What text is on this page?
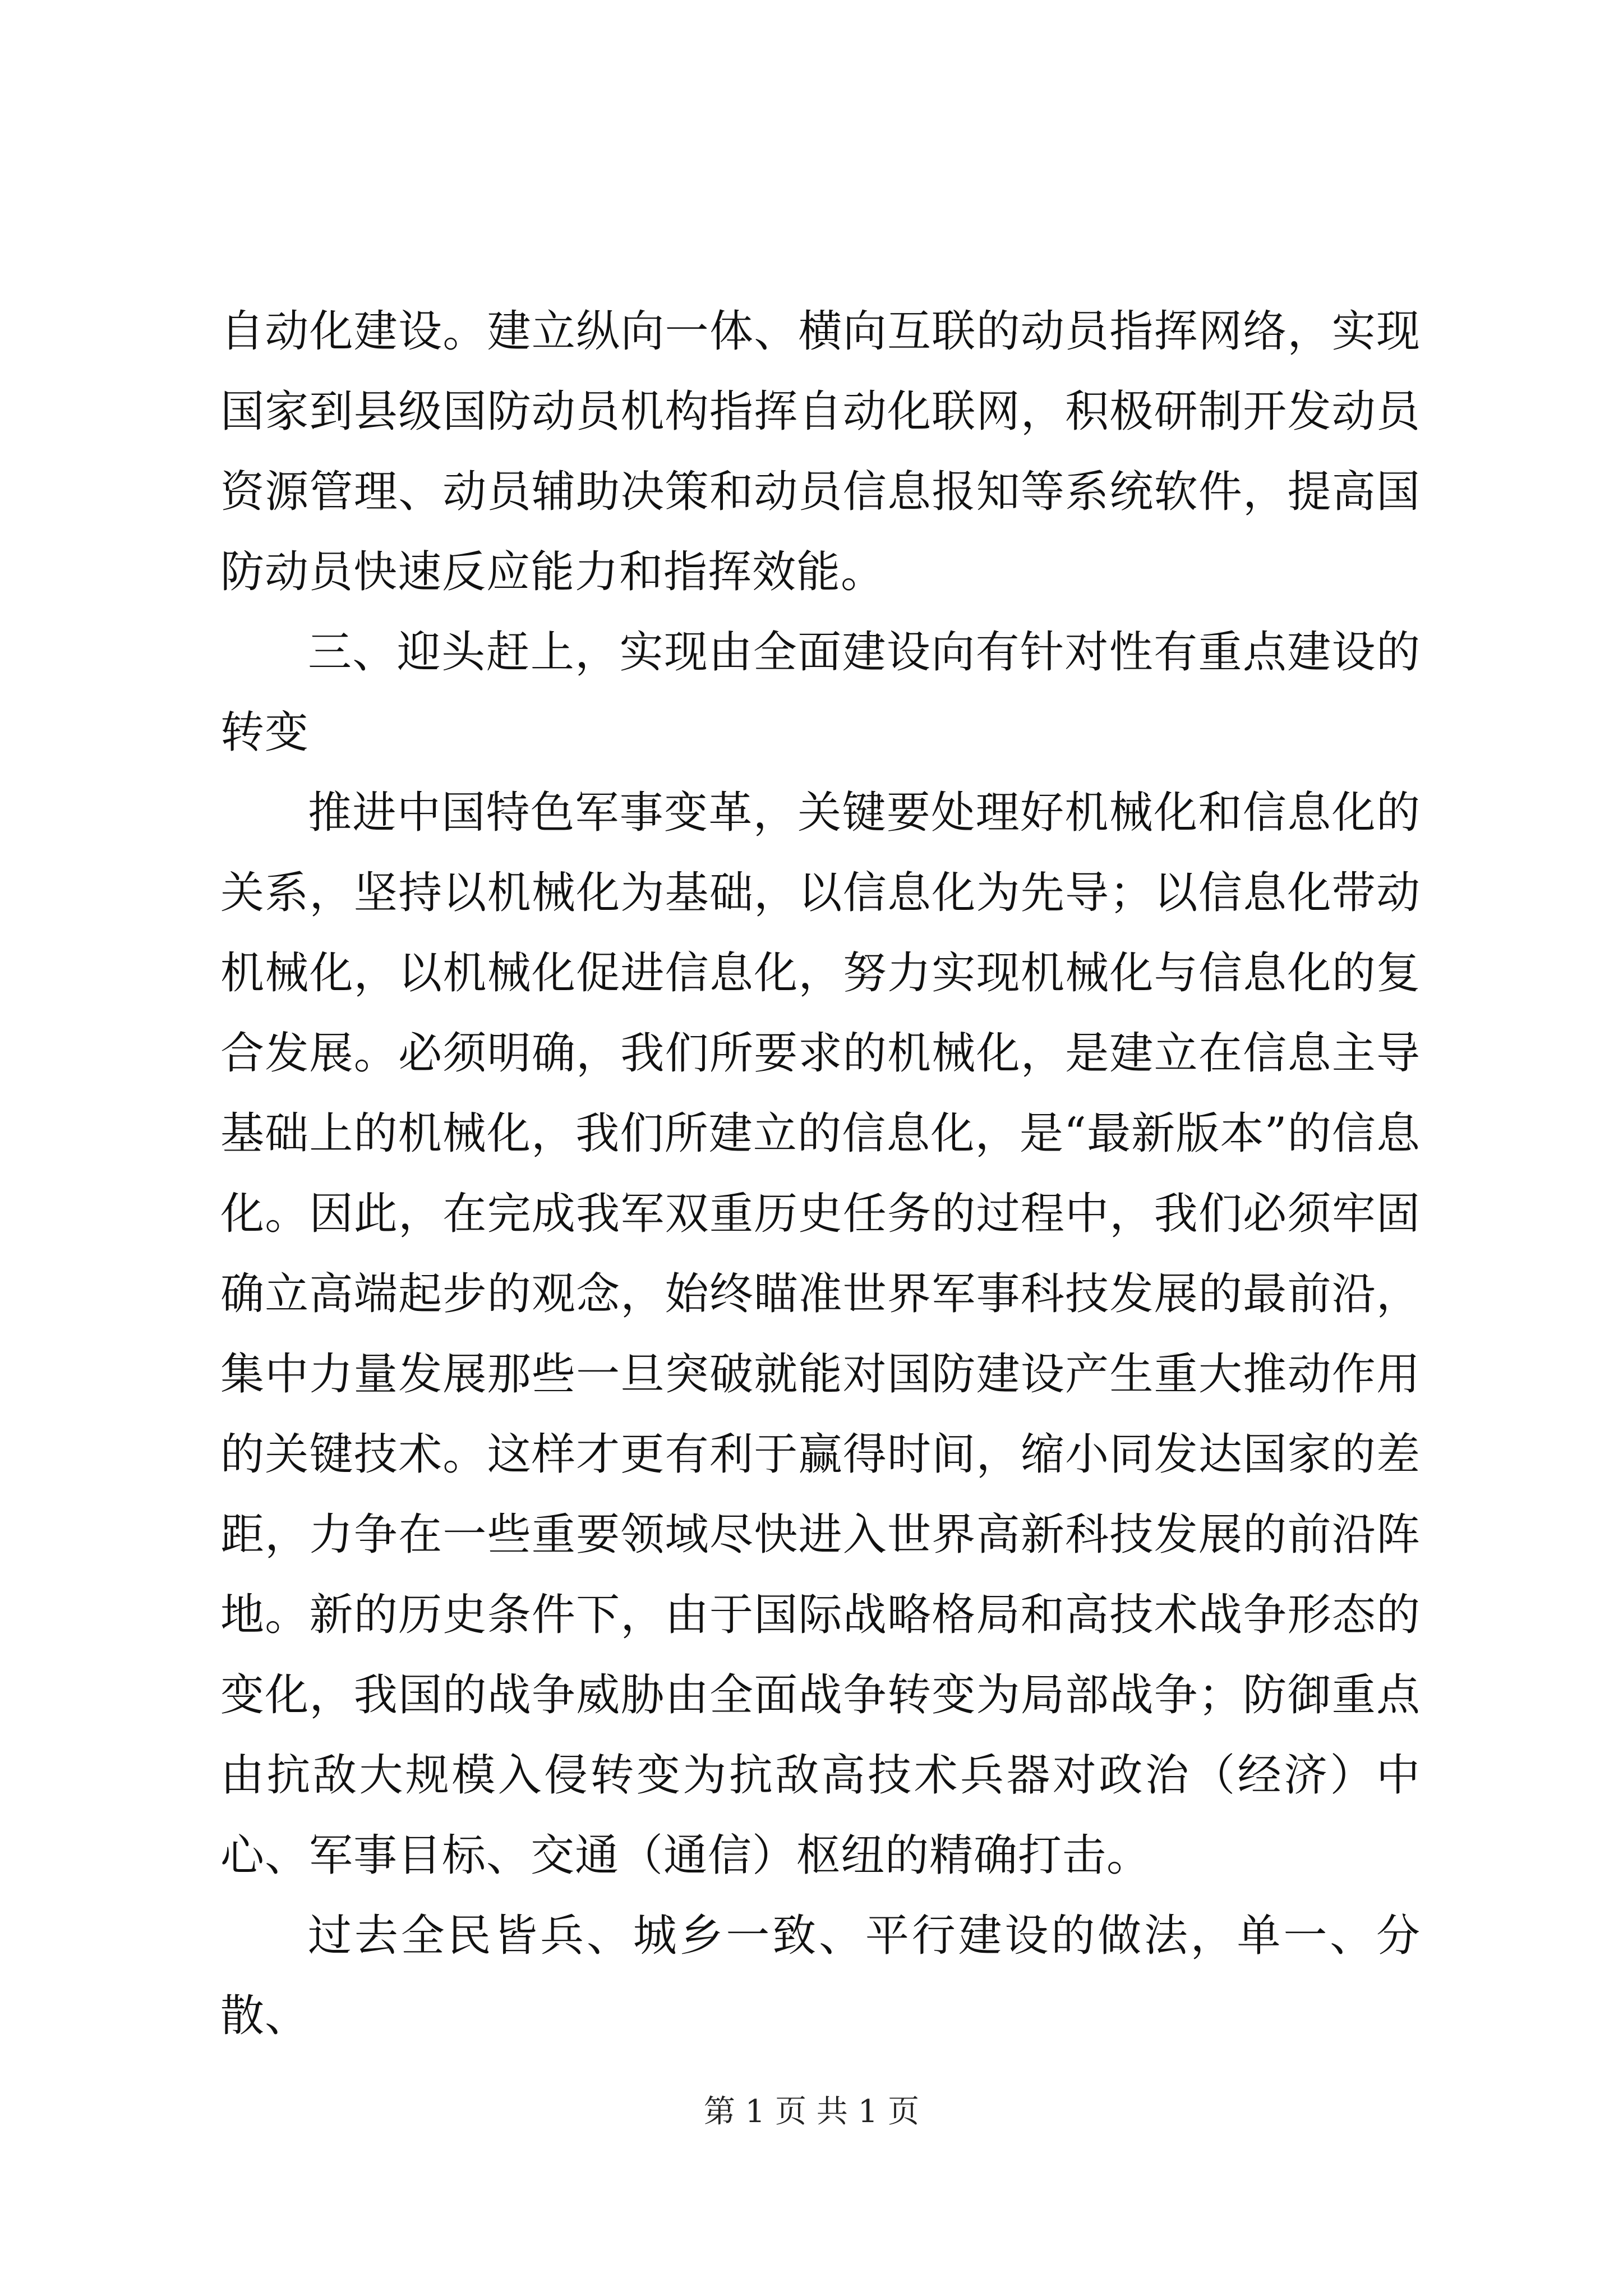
自动化建设。建立纵向一体、横向互联的动员指挥网络，实现国家到县级国防动员机构指挥自动化联网，积极研制开发动员资源管理、动员辅助决策和动员信息报知等系统软件，提高国防动员快速反应能力和指挥效能。

三、迎头赶上，实现由全面建设向有针对性有重点建设的转变

推进中国特色军事变革，关键要处理好机械化和信息化的关系，坚持以机械化为基础，以信息化为先导；以信息化带动机械化，以机械化促进信息化，努力实现机械化与信息化的复合发展。必须明确，我们所要求的机械化，是建立在信息主导基础上的机械化，我们所建立的信息化，是“最新版本”的信息化。因此，在完成我军双重历史任务的过程中，我们必须牢固确立高端起步的观念，始终瞄准世界军事科技发展的最前沿，集中力量发展那些一旦突破就能对国防建设产生重大推动作用的关键技术。这样才更有利于赢得时间，缩小同发达国家的差距，力争在一些重要领域尽快进入世界高新科技发展的前沿阵地。新的历史条件下，由于国际战略格局和高技术战争形态的变化，我国的战争威胁由全面战争转变为局部战争；防御重点由抗敌大规模入侵转变为抗敌高技术兵器对政治（经济）中心、军事目标、交通（通信）枢纽的精确打击。

过去全民皆兵、城乡一致、平行建设的做法，单一、分散、

第 1 页 共 1 页
